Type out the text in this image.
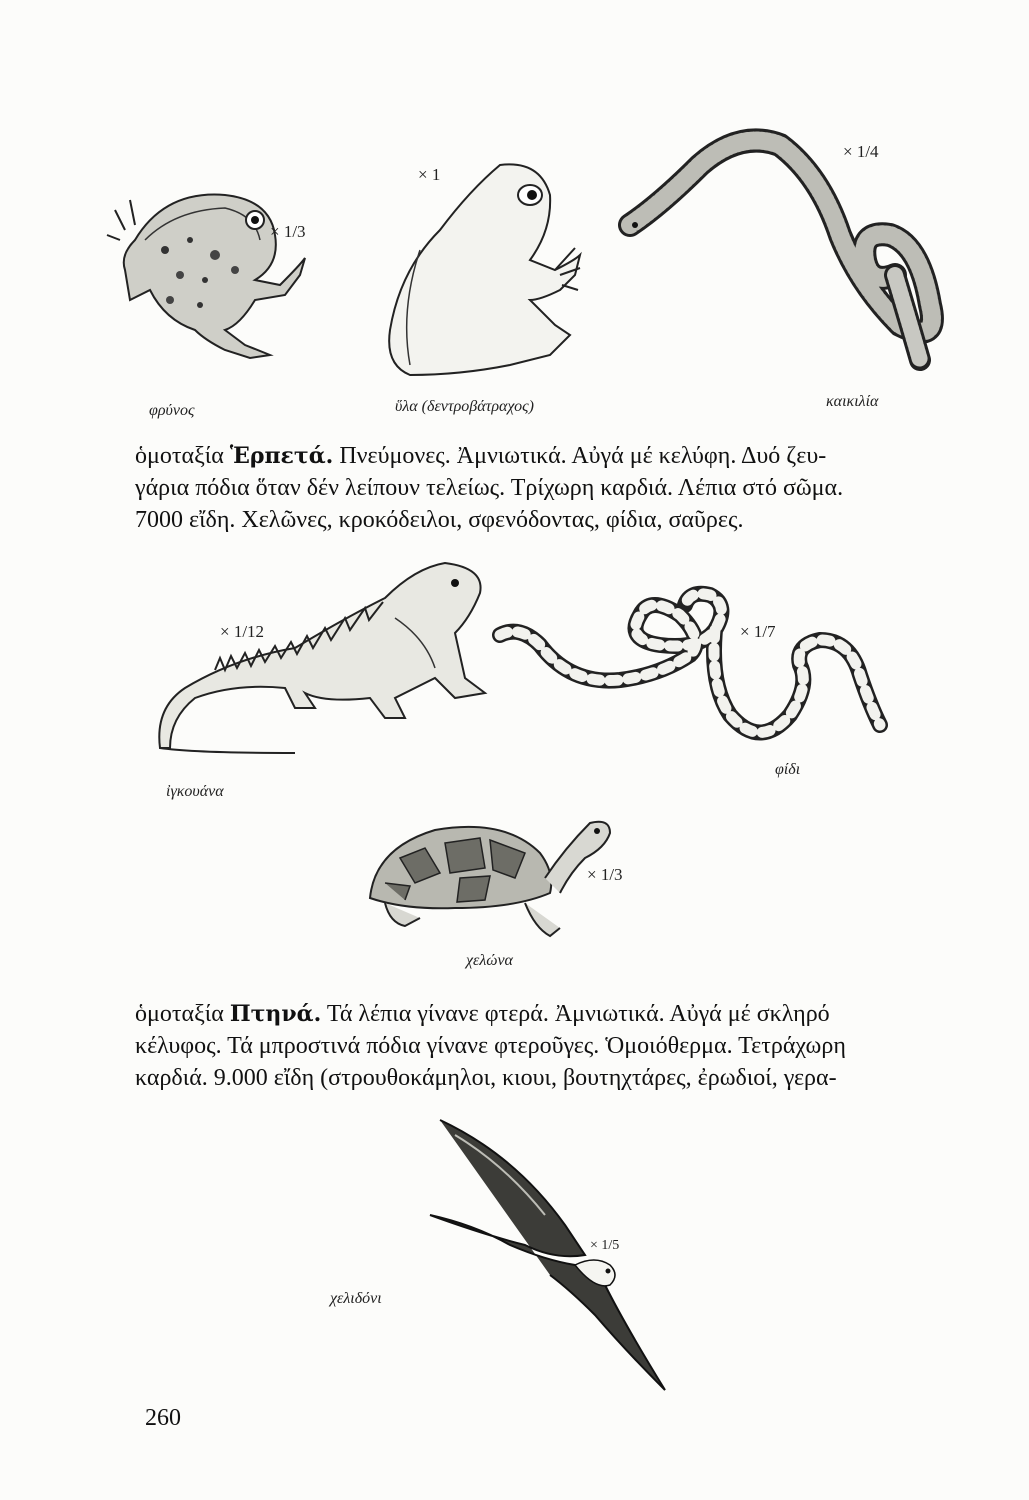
× 1/3
φρύνος
× 1
ὕλα (δεντροβάτραχος)
× 1/4
καικιλία
ὁμοταξία Ἑρπετά. Πνεύμονες. Ἀμνιωτικά. Αὐγά μέ κελύφη. Δυό ζευ-
γάρια πόδια ὅταν δέν λείπουν τελείως. Τρίχωρη καρδιά. Λέπια στό σῶμα.
7000 εἴδη. Χελῶνες, κροκόδειλοι, σφενόδοντας, φίδια, σαῦρες.
× 1/12
ἰγκουάνα
× 1/7
φίδι
× 1/3
χελώνα
ὁμοταξία Πτηνά. Τά λέπια γίνανε φτερά. Ἀμνιωτικά. Αὐγά μέ σκληρό
κέλυφος. Τά μπροστινά πόδια γίνανε φτεροῦγες. Ὁμοιόθερμα. Τετράχωρη
καρδιά. 9.000 εἴδη (στρουθοκάμηλοι, κιουι, βουτηχτάρες, ἐρωδιοί, γερα-
× 1/5
χελιδόνι
260
